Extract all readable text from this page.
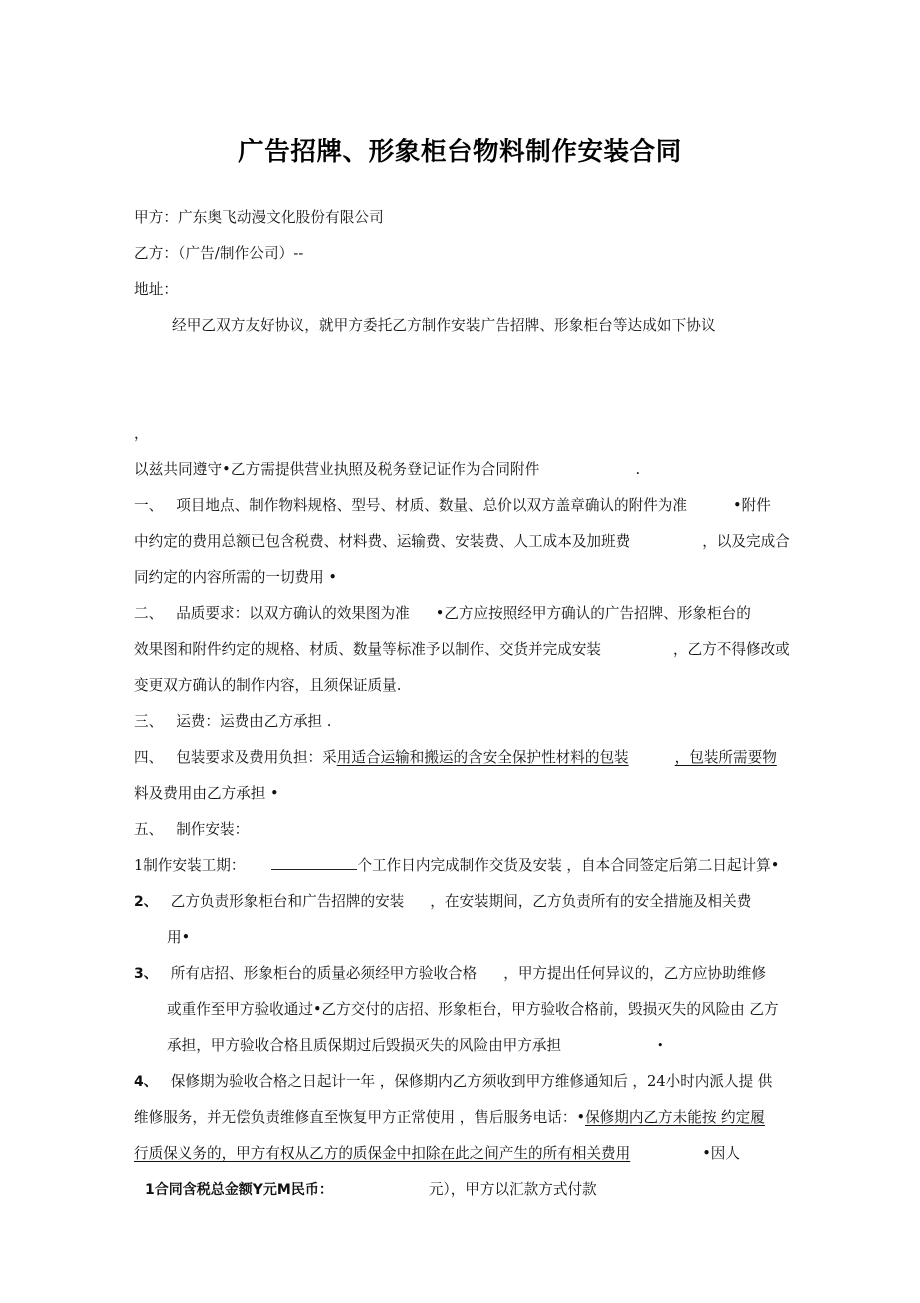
广告招牌、形象柜台物料制作安装合同
甲方：广东奥飞动漫文化股份有限公司
乙方：（广告/制作公司）--
地址：
经甲乙双方友好协议，就甲方委托乙方制作安装广告招牌、形象柜台等达成如下协议
，
以兹共同遵守•乙方需提供营业执照及税务登记证作为合同附件	.
一、 项目地点、制作物料规格、型号、材质、数量、总价以双方盖章确认的附件为准	•附件
中约定的费用总额已包含税费、材料费、运输费、安装费、人工成本及加班费	，以及完成合
同约定的内容所需的一切费用 •
二、 品质要求：以双方确认的效果图为准 •乙方应按照经甲方确认的广告招牌、形象柜台的
效果图和附件约定的规格、材质、数量等标准予以制作、交货并完成安装	，乙方不得修改或
变更双方确认的制作内容，且须保证质量.
三、 运费：运费由乙方承担 .
四、 包装要求及费用负担：采用适合运输和搬运的含安全保护性材料的包装	，包装所需要物
料及费用由乙方承担 •
五、 制作安装：
1制作安装工期：	个工作日内完成制作交货及安装 ，自本合同签定后第二日起计算•
2、 乙方负责形象柜台和广告招牌的安装 ，在安装期间，乙方负责所有的安全措施及相关费
用•
3、 所有店招、形象柜台的质量必须经甲方验收合格 ，甲方提出任何异议的，乙方应协助维修
或重作至甲方验收通过•乙方交付的店招、形象柜台，甲方验收合格前，毁损灭失的风险由 乙方
承担，甲方验收合格且质保期过后毁损灭失的风险由甲方承担	•
4、 保修期为验收合格之日起计一年 ，保修期内乙方须收到甲方维修通知后 ，24小时内派人提 供
维修服务，并无偿负责维修直至恢复甲方正常使用 ，售后服务电话：•保修期内乙方未能按 约定履
行质保义务的，甲方有权从乙方的质保金中扣除在此之间产生的所有相关费用	•因人
1合同含税总金额Y元M民币：	元），甲方以汇款方式付款
